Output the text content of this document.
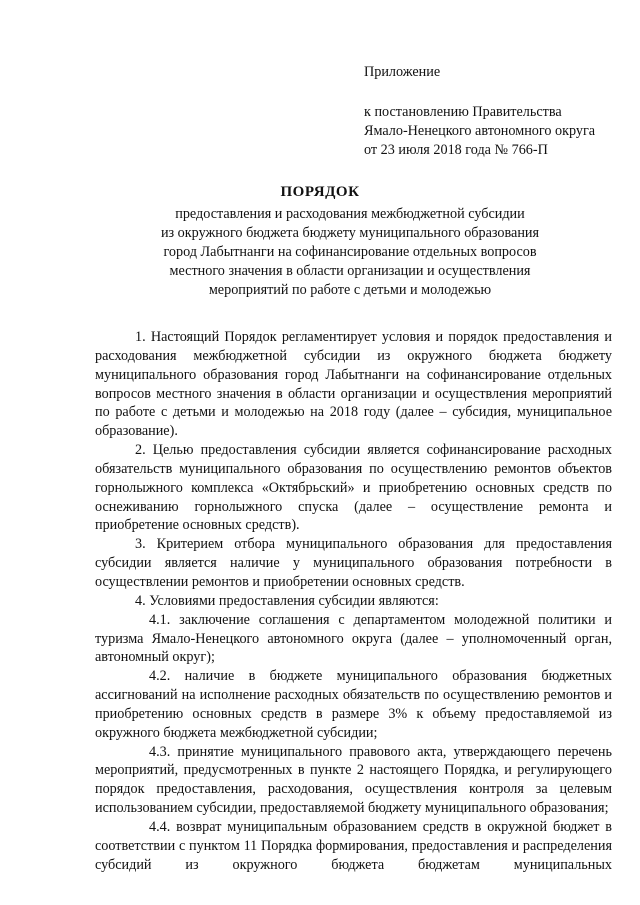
Приложение
к постановлению Правительства
Ямало-Ненецкого автономного округа
от 23 июля 2018 года № 766-П
ПОРЯДОК
предоставления и расходования межбюджетной субсидии
из окружного бюджета бюджету муниципального образования
город Лабытнанги на софинансирование отдельных вопросов
местного значения в области организации и осуществления
мероприятий по работе с детьми и молодежью

1. Настоящий Порядок регламентирует условия и порядок предоставления и расходования межбюджетной субсидии из окружного бюджета бюджету муниципального образования город Лабытнанги на софинансирование отдельных вопросов местного значения в области организации и осуществления мероприятий по работе с детьми и молодежью на 2018 году (далее – субсидия, муниципальное образование).

2. Целью предоставления субсидии является софинансирование расходных обязательств муниципального образования по осуществлению ремонтов объектов горнолыжного комплекса «Октябрьский» и приобретению основных средств по оснеживанию горнолыжного спуска (далее – осуществление ремонта и приобретение основных средств).

3. Критерием отбора муниципального образования для предоставления субсидии является наличие у муниципального образования потребности в осуществлении ремонтов и приобретении основных средств.

4. Условиями предоставления субсидии являются:

4.1. заключение соглашения с департаментом молодежной политики и туризма Ямало-Ненецкого автономного округа (далее – уполномоченный орган, автономный округ);

4.2. наличие в бюджете муниципального образования бюджетных ассигнований на исполнение расходных обязательств по осуществлению ремонтов и приобретению основных средств в размере 3% к объему предоставляемой из окружного бюджета межбюджетной субсидии;

4.3. принятие муниципального правового акта, утверждающего перечень мероприятий, предусмотренных в пункте 2 настоящего Порядка, и регулирующего порядок предоставления, расходования, осуществления контроля за целевым использованием субсидии, предоставляемой бюджету муниципального образования;

4.4. возврат муниципальным образованием средств в окружной бюджет в соответствии с пунктом 11 Порядка формирования, предоставления и распределения субсидий из окружного бюджета бюджетам муниципальных
